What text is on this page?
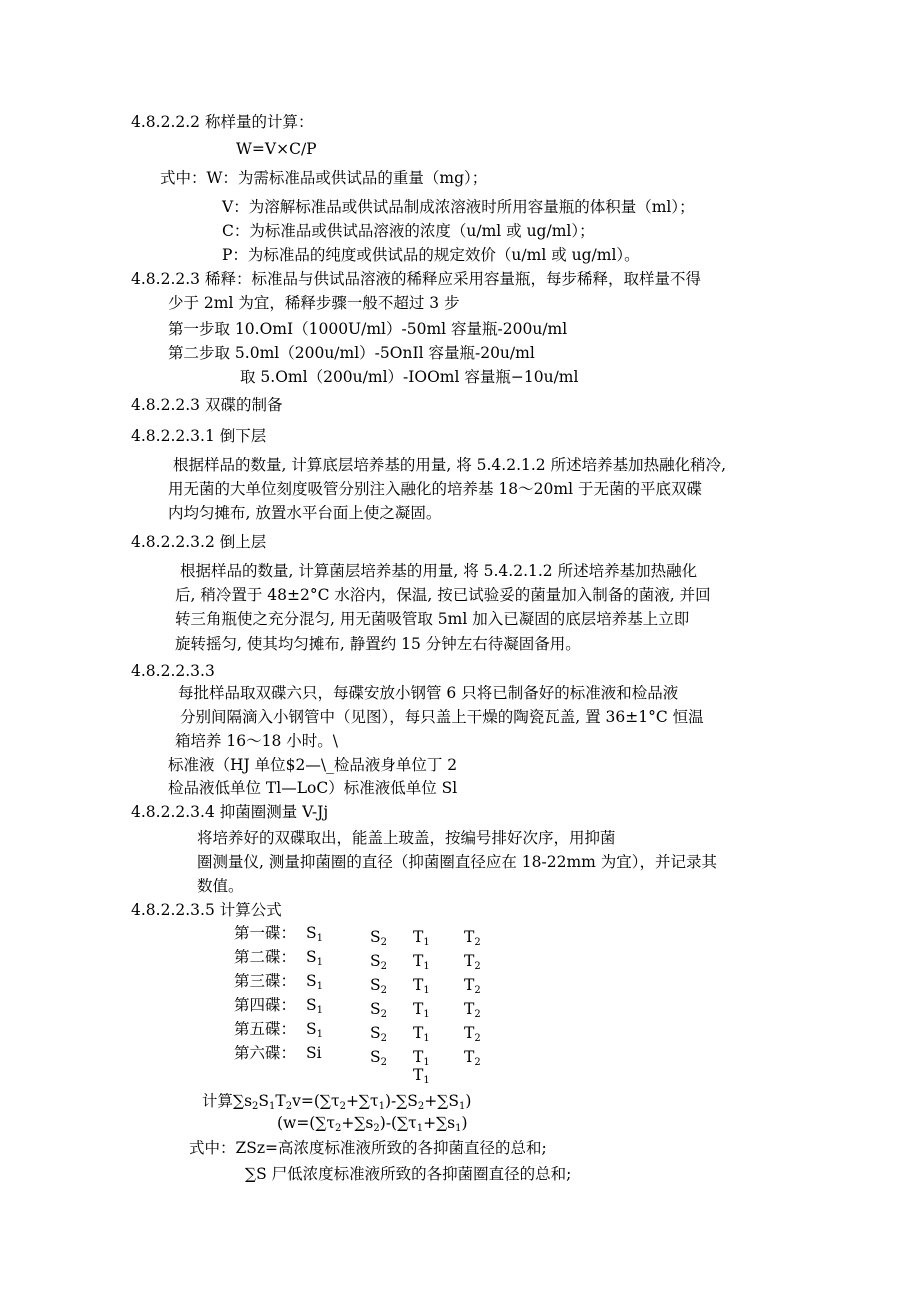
4.8.2.2.2 称样量的计算：
W=V×C∕P
式中：W：为需标准品或供试品的重量（mg）；
V：为溶解标准品或供试品制成浓溶液时所用容量瓶的体积量（ml）；
C：为标准品或供试品溶液的浓度（u∕ml 或 ug/ml）；
P：为标准品的纯度或供试品的规定效价（u∕ml 或 ug/ml）。
4.8.2.2.3 稀释：标准品与供试品溶液的稀释应采用容量瓶，每步稀释，取样量不得
少于 2ml 为宜，稀释步骤一般不超过 3 步
第一步取 10.OmI（1000U/ml）-50ml 容量瓶-200u∕ml
第二步取 5.0ml（200u∕ml）-5OnIl 容量瓶-20u∕ml
取 5.Oml（200u∕ml）-IOOml 容量瓶−10u∕ml
4.8.2.2.3 双碟的制备
4.8.2.2.3.1 倒下层
根据样品的数量, 计算底层培养基的用量, 将 5.4.2.1.2 所述培养基加热融化稍冷,
用无菌的大单位刻度吸管分别注入融化的培养基 18～20ml 于无菌的平底双碟
内均匀摊布, 放置水平台面上使之凝固。
4.8.2.2.3.2 倒上层
根据样品的数量, 计算菌层培养基的用量, 将 5.4.2.1.2 所述培养基加热融化
后, 稍冷置于 48±2°C 水浴内，保温, 按已试验妥的菌量加入制备的菌液, 并回
转三角瓶使之充分混匀, 用无菌吸管取 5ml 加入已凝固的底层培养基上立即
旋转摇匀, 使其均匀摊布, 静置约 15 分钟左右待凝固备用。
4.8.2.2.3.3
每批样品取双碟六只，每碟安放小钢管 6 只将已制备好的标准液和检品液
分别间隔滴入小钢管中（见图），每只盖上干燥的陶瓷瓦盖, 置 36±1°C 恒温
箱培养 16～18 小时。\
标准液（HJ 单位$2—\_检品液身单位丁 2
检品液低单位 Tl—LoC）标准液低单位 Sl
4.8.2.2.3.4 抑菌圈测量 V-Jj
将培养好的双碟取出，能盖上玻盖，按编号排好次序，用抑菌
圈测量仪, 测量抑菌圈的直径（抑菌圈直径应在 18-22mm 为宜），并记录其
数值。
4.8.2.2.3.5 计算公式
第一碟： $S_1$	$S_2$ $T_1$ $T_2$
第二碟： $S_1$	$S_2$ $T_1$ $T_2$
第三碟： $S_1$	$S_2$ $T_1$ $T_2$
第四碟： $S_1$	$S_2$ $T_1$ $T_2$
第五碟： $S_1$	$S_2$ $T_1$ $T_2$
第六碟： Si	$S_2$ $T_1$ $T_2$
$T_1$
计算$\sum s_2S_1T_2v=(\sum\tau_2+\sum\tau_1)-\sum S_2+\sum S_1$)
($w=(\sum\tau_2+\sum s_2)-(\sum\tau_1+\sum s_1)$
式中：ZSz=高浓度标准液所致的各抑菌直径的总和;
∑S 尸低浓度标准液所致的各抑菌圈直径的总和;
